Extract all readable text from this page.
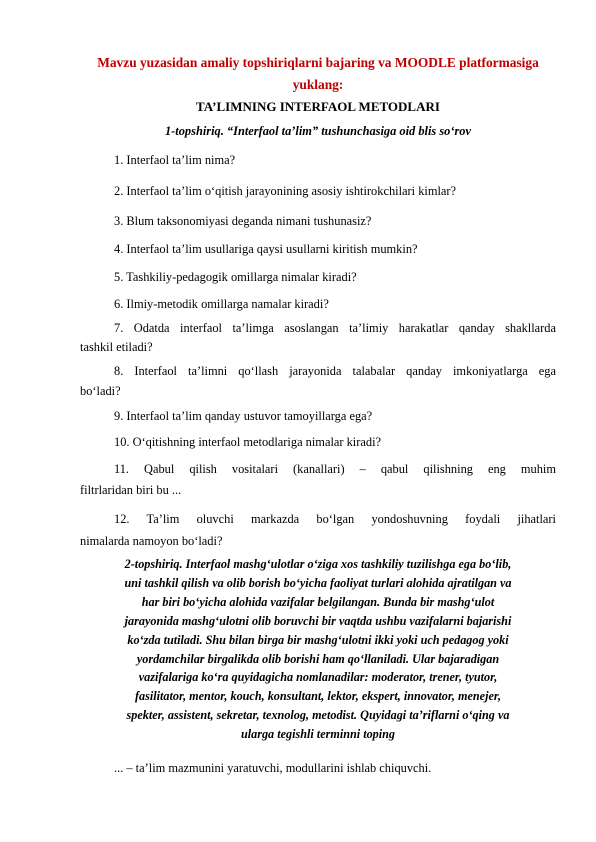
Mavzu yuzasidan amaliy topshiriqlarni bajaring va MOODLE platformasiga
yuklang:
TA’LIMNING INTERFAOL METODLARI
1-topshiriq. “Interfaol ta’lim” tushunchasiga oid blis so‘rov
1. Interfaol ta’lim nima?
2. Interfaol ta’lim o‘qitish jarayonining asosiy ishtirokchilari kimlar?
3. Blum taksonomiyasi deganda nimani tushunasiz?
4. Interfaol ta’lim usullariga qaysi usullarni kiritish mumkin?
5. Tashkiliy-pedagogik omillarga nimalar kiradi?
6. Ilmiy-metodik omillarga namalar kiradi?
7. Odatda interfaol ta’limga asoslangan ta’limiy harakatlar qanday shakllarda
tashkil etiladi?
8. Interfaol ta’limni qo‘llash jarayonida talabalar qanday imkoniyatlarga ega
bo‘ladi?
9. Interfaol ta’lim qanday ustuvor tamoyillarga ega?
10. O‘qitishning interfaol metodlariga nimalar kiradi?
11. Qabul qilish vositalari (kanallari) – qabul qilishning eng muhim
filtrlaridan biri bu ...
12. Ta’lim oluvchi markazda bo‘lgan yondoshuvning foydali jihatlari
nimalarda namoyon bo‘ladi?

2-topshiriq. Interfaol mashg‘ulotlar o‘ziga xos tashkiliy tuzilishga ega bo‘lib,

uni tashkil qilish va olib borish bo‘yicha faoliyat turlari alohida ajratilgan va

har biri bo‘yicha alohida vazifalar belgilangan. Bunda bir mashg‘ulot

jarayonida mashg‘ulotni olib boruvchi bir vaqtda ushbu vazifalarni bajarishi

ko‘zda tutiladi. Shu bilan birga bir mashg‘ulotni ikki yoki uch pedagog yoki

yordamchilar birgalikda olib borishi ham qo‘llaniladi. Ular bajaradigan

vazifalariga ko‘ra quyidagicha nomlanadilar: moderator, trener, tyutor,

fasilitator, mentor, kouch, konsultant, lektor, ekspert, innovator, menejer,

spekter, assistent, sekretar, texnolog, metodist. Quyidagi ta’riflarni o‘qing va

ularga tegishli terminni toping

... – ta’lim mazmunini yaratuvchi, modullarini ishlab chiquvchi.
